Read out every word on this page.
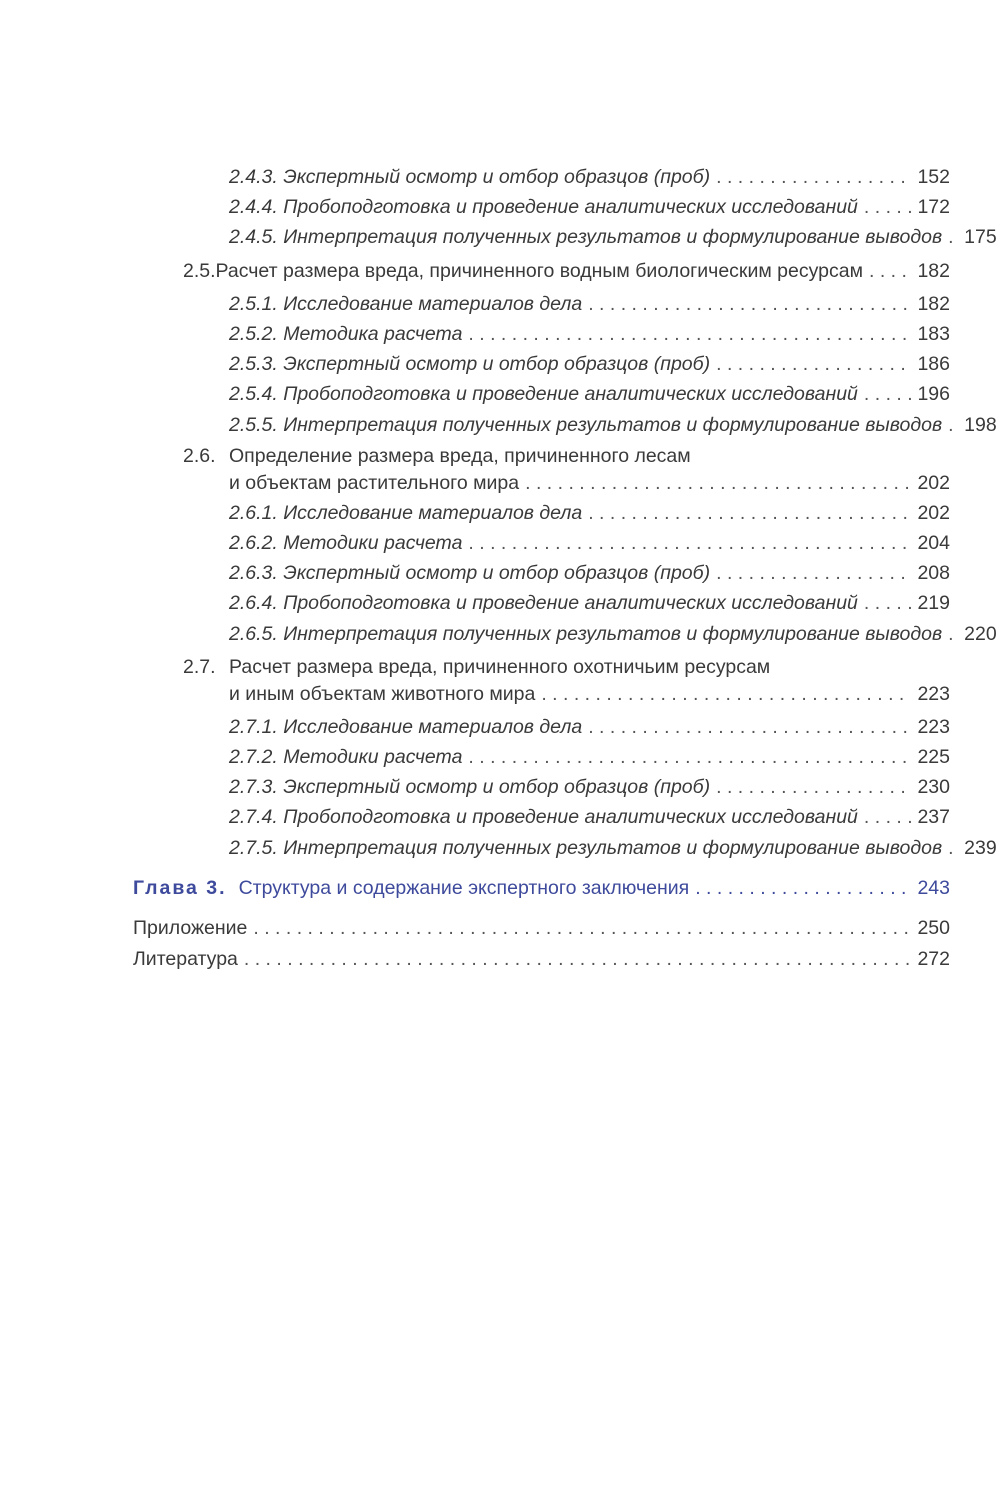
2.4.3. Экспертный осмотр и отбор образцов (проб) . . .	152
2.4.4. Пробоподготовка и проведение аналитических исследований . . .	172
2.4.5. Интерпретация полученных результатов и формулирование выводов . . . 175
2.5. Расчет размера вреда, причиненного водным биологическим ресурсам . . .	182
2.5.1. Исследование материалов дела . . .	182
2.5.2. Методика расчета . . .	183
2.5.3. Экспертный осмотр и отбор образцов (проб) . . .	186
2.5.4. Пробоподготовка и проведение аналитических исследований . . .	196
2.5.5. Интерпретация полученных результатов и формулирование выводов . . . 198
2.6. Определение размера вреда, причиненного лесам
и объектам растительного мира . . .	202
2.6.1. Исследование материалов дела . . .	202
2.6.2. Методики расчета . . .	204
2.6.3. Экспертный осмотр и отбор образцов (проб) . . .	208
2.6.4. Пробоподготовка и проведение аналитических исследований . . .	219
2.6.5. Интерпретация полученных результатов и формулирование выводов . . . 220
2.7. Расчет размера вреда, причиненного охотничьим ресурсам
и иным объектам животного мира . . .	223
2.7.1. Исследование материалов дела . . .	223
2.7.2. Методики расчета . . .	225
2.7.3. Экспертный осмотр и отбор образцов (проб) . . .	230
2.7.4. Пробоподготовка и проведение аналитических исследований . . .	237
2.7.5. Интерпретация полученных результатов и формулирование выводов . . . 239
Глава 3. Структура и содержание экспертного заключения . . .	243
Приложение . . .	250
Литература . . .	272
